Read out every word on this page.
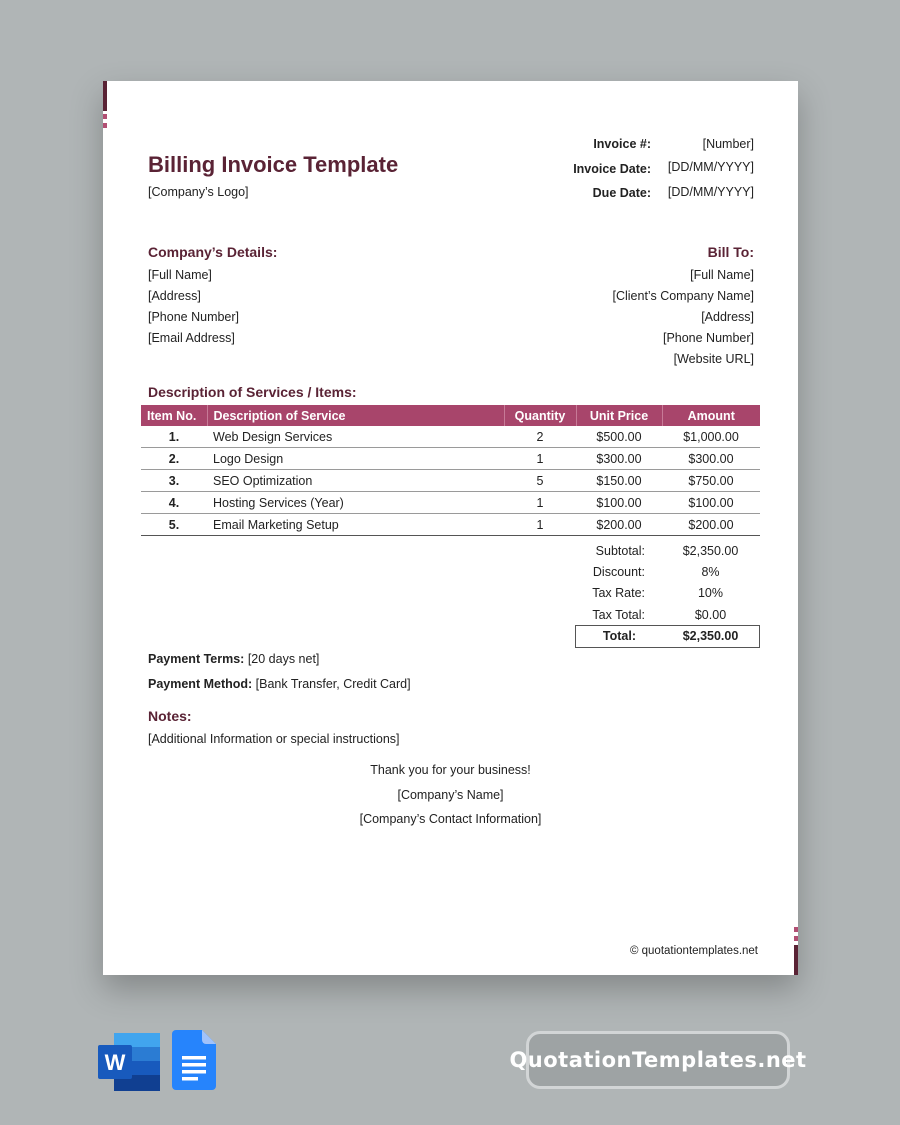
Billing Invoice Template
[Company’s Logo]
Invoice #:	[Number]
Invoice Date:	[DD/MM/YYYY]
Due Date:	[DD/MM/YYYY]
Company’s Details:
[Full Name]
[Address]
[Phone Number]
[Email Address]
Bill To:
[Full Name]
[Client’s Company Name]
[Address]
[Phone Number]
[Website URL]
Description of Services / Items:
Item No.	Description of Service	Quantity	Unit Price	Amount
1.	Web Design Services	2	$500.00	$1,000.00
2.	Logo Design	1	$300.00	$300.00
3.	SEO Optimization	5	$150.00	$750.00
4.	Hosting Services (Year)	1	$100.00	$100.00
5.	Email Marketing Setup	1	$200.00	$200.00
Subtotal:	$2,350.00
Discount:	8%
Tax Rate:	10%
Tax Total:	$0.00
Total:	$2,350.00
Payment Terms: [20 days net]
Payment Method: [Bank Transfer, Credit Card]
Notes:
[Additional Information or special instructions]
Thank you for your business!
[Company’s Name]
[Company’s Contact Information]
© quotationtemplates.net
W	QuotationTemplates.net
